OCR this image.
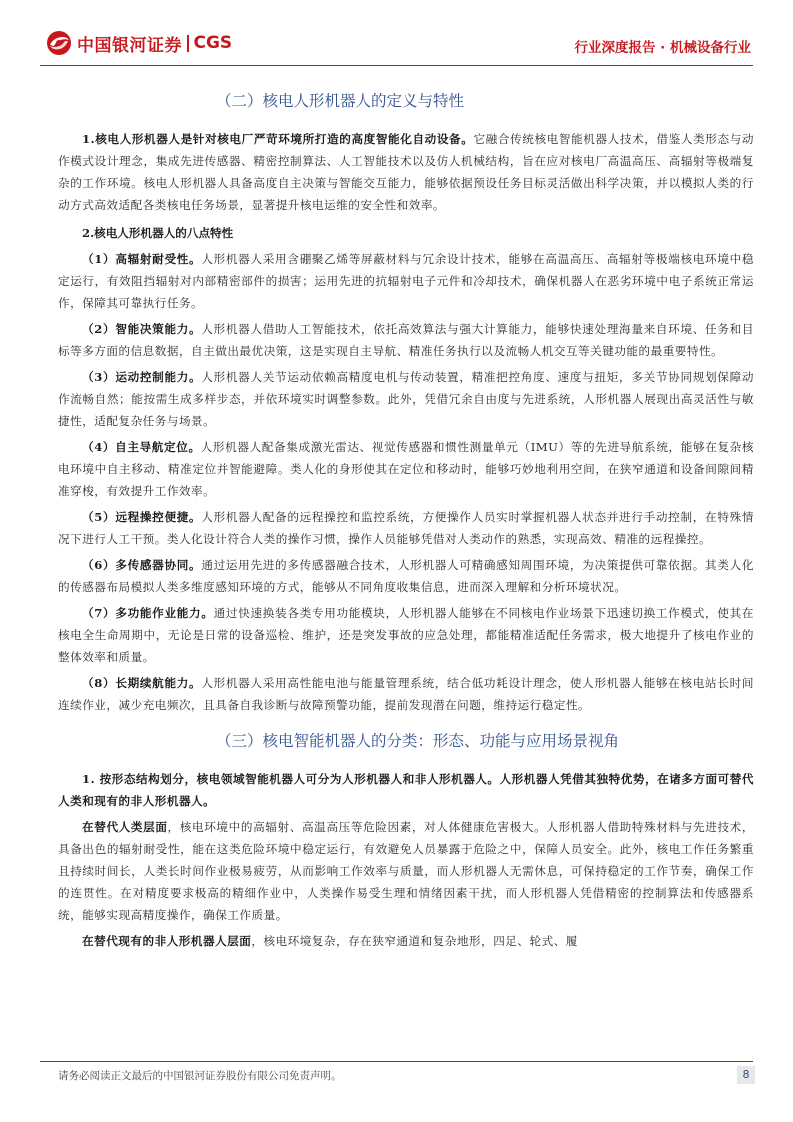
中国银河证券 CGS	行业深度报告 · 机械设备行业
（二）核电人形机器人的定义与特性

1.核电人形机器人是针对核电厂严苛环境所打造的高度智能化自动设备。它融合传统核电智能机器人技术，借鉴人类形态与动作模式设计理念，集成先进传感器、精密控制算法、人工智能技术以及仿人机械结构，旨在应对核电厂高温高压、高辐射等极端复杂的工作环境。核电人形机器人具备高度自主决策与智能交互能力，能够依据预设任务目标灵活做出科学决策，并以模拟人类的行动方式高效适配各类核电任务场景，显著提升核电运维的安全性和效率。

2.核电人形机器人的八点特性

（1）高辐射耐受性。人形机器人采用含硼聚乙烯等屏蔽材料与冗余设计技术，能够在高温高压、高辐射等极端核电环境中稳定运行，有效阻挡辐射对内部精密部件的损害；运用先进的抗辐射电子元件和冷却技术，确保机器人在恶劣环境中电子系统正常运作，保障其可靠执行任务。

（2）智能决策能力。人形机器人借助人工智能技术，依托高效算法与强大计算能力，能够快速处理海量来自环境、任务和目标等多方面的信息数据，自主做出最优决策，这是实现自主导航、精准任务执行以及流畅人机交互等关键功能的最重要特性。

（3）运动控制能力。人形机器人关节运动依赖高精度电机与传动装置，精准把控角度、速度与扭矩，多关节协同规划保障动作流畅自然；能按需生成多样步态，并依环境实时调整参数。此外，凭借冗余自由度与先进系统，人形机器人展现出高灵活性与敏捷性，适配复杂任务与场景。

（4）自主导航定位。人形机器人配备集成激光雷达、视觉传感器和惯性测量单元（IMU）等的先进导航系统，能够在复杂核电环境中自主移动、精准定位并智能避障。类人化的身形使其在定位和移动时，能够巧妙地利用空间，在狭窄通道和设备间隙间精准穿梭，有效提升工作效率。

（5）远程操控便捷。人形机器人配备的远程操控和监控系统，方便操作人员实时掌握机器人状态并进行手动控制，在特殊情况下进行人工干预。类人化设计符合人类的操作习惯，操作人员能够凭借对人类动作的熟悉，实现高效、精准的远程操控。

（6）多传感器协同。通过运用先进的多传感器融合技术，人形机器人可精确感知周围环境，为决策提供可靠依据。其类人化的传感器布局模拟人类多维度感知环境的方式，能够从不同角度收集信息，进而深入理解和分析环境状况。

（7）多功能作业能力。通过快速换装各类专用功能模块，人形机器人能够在不同核电作业场景下迅速切换工作模式，使其在核电全生命周期中，无论是日常的设备巡检、维护，还是突发事故的应急处理，都能精准适配任务需求，极大地提升了核电作业的整体效率和质量。

（8）长期续航能力。人形机器人采用高性能电池与能量管理系统，结合低功耗设计理念，使人形机器人能够在核电站长时间连续作业，减少充电频次，且具备自我诊断与故障预警功能，提前发现潜在问题，维持运行稳定性。

（三）核电智能机器人的分类：形态、功能与应用场景视角

1. 按形态结构划分，核电领域智能机器人可分为人形机器人和非人形机器人。人形机器人凭借其独特优势，在诸多方面可替代人类和现有的非人形机器人。

在替代人类层面，核电环境中的高辐射、高温高压等危险因素，对人体健康危害极大。人形机器人借助特殊材料与先进技术，具备出色的辐射耐受性，能在这类危险环境中稳定运行，有效避免人员暴露于危险之中，保障人员安全。此外，核电工作任务繁重且持续时间长，人类长时间作业极易疲劳，从而影响工作效率与质量，而人形机器人无需休息，可保持稳定的工作节奏，确保工作的连贯性。在对精度要求极高的精细作业中，人类操作易受生理和情绪因素干扰，而人形机器人凭借精密的控制算法和传感器系统，能够实现高精度操作，确保工作质量。

在替代现有的非人形机器人层面，核电环境复杂，存在狭窄通道和复杂地形，四足、轮式、履

请务必阅读正文最后的中国银河证券股份有限公司免责声明。	8
